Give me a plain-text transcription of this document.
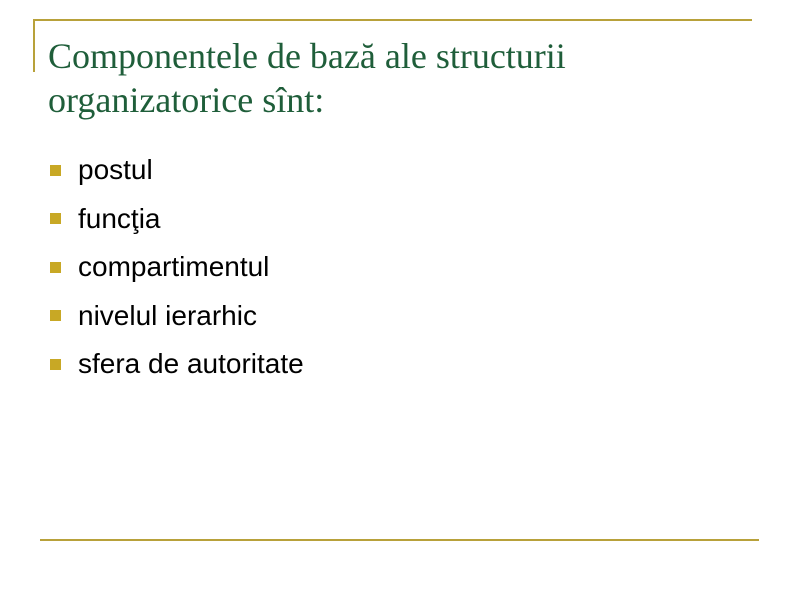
Componentele de bază ale structurii
organizatorice sînt:
postul
funcţia
compartimentul
nivelul ierarhic
sfera de autoritate
